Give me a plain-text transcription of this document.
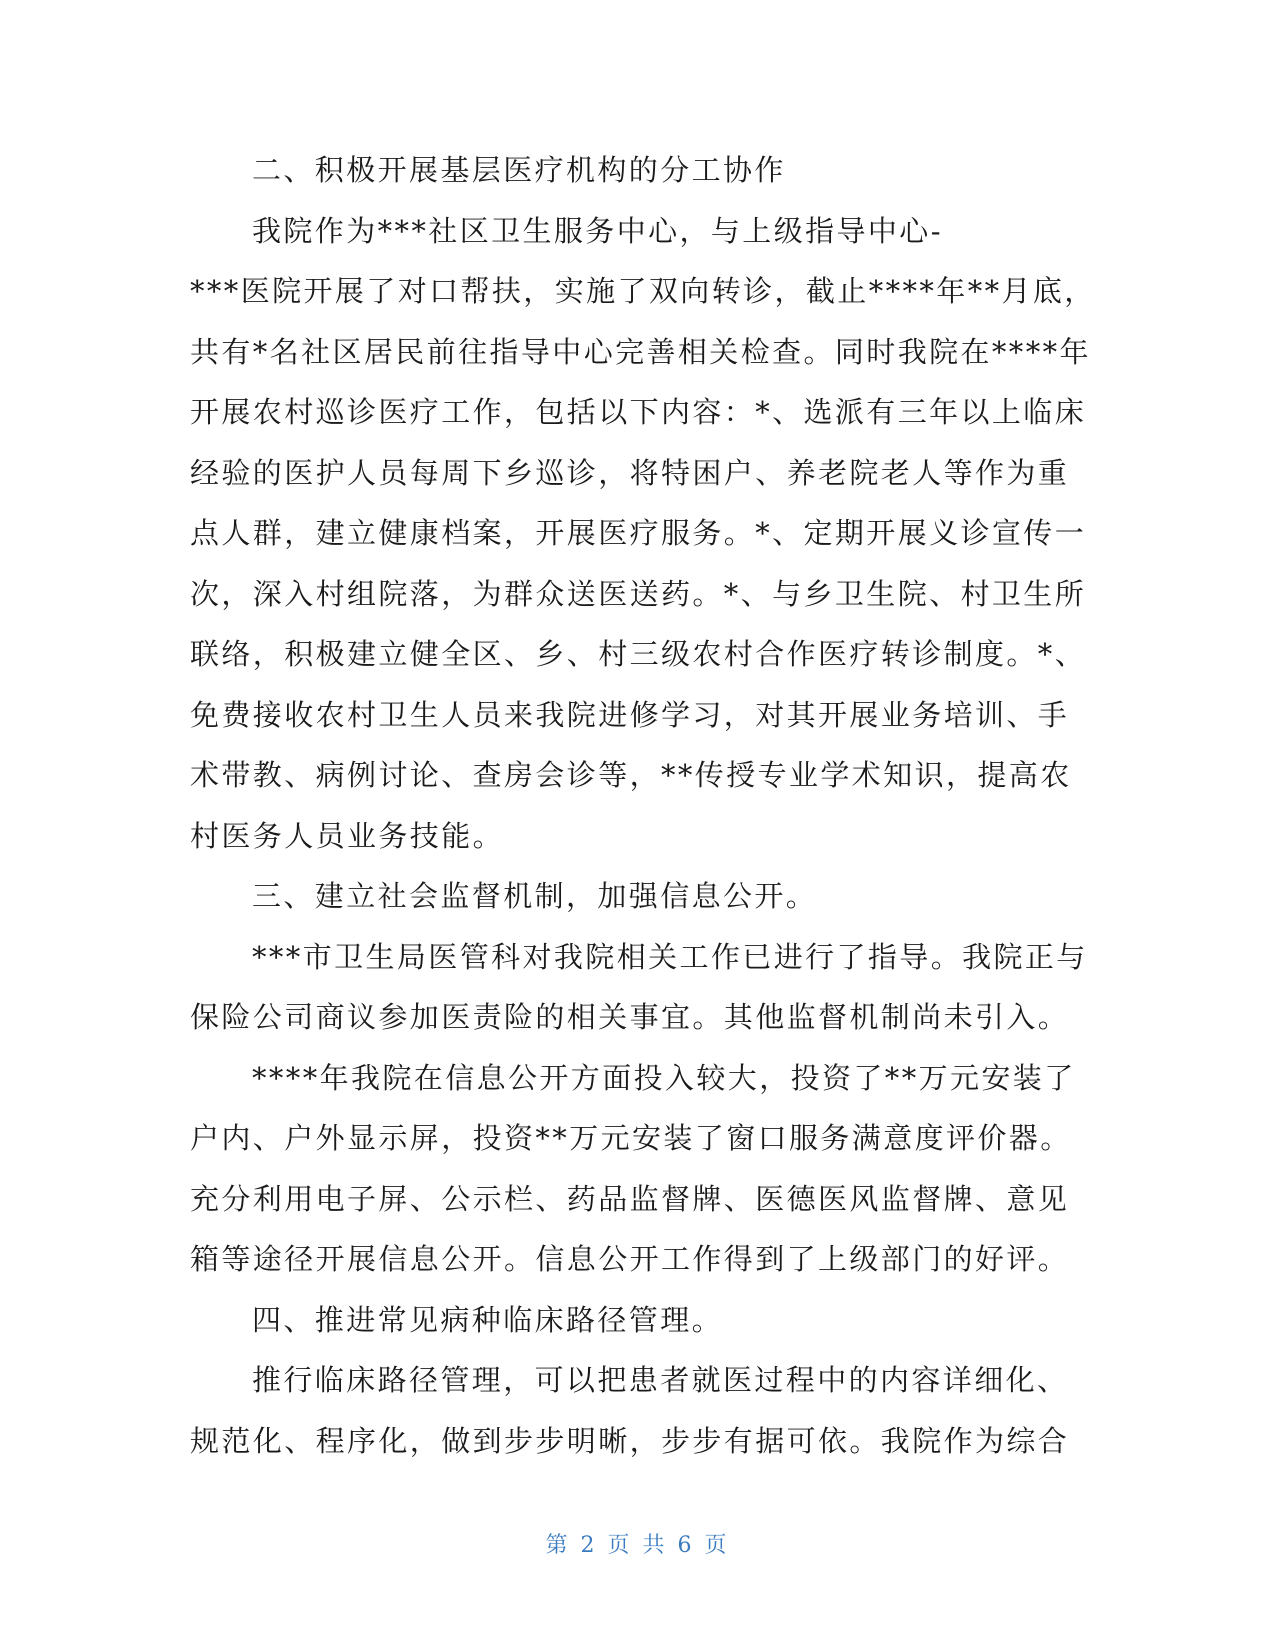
二、积极开展基层医疗机构的分工协作
我院作为***社区卫生服务中心，与上级指导中心-
***医院开展了对口帮扶，实施了双向转诊，截止****年**月底，
共有*名社区居民前往指导中心完善相关检查。同时我院在****年
开展农村巡诊医疗工作，包括以下内容：*、选派有三年以上临床
经验的医护人员每周下乡巡诊，将特困户、养老院老人等作为重
点人群，建立健康档案，开展医疗服务。*、定期开展义诊宣传一
次，深入村组院落，为群众送医送药。*、与乡卫生院、村卫生所
联络，积极建立健全区、乡、村三级农村合作医疗转诊制度。*、
免费接收农村卫生人员来我院进修学习，对其开展业务培训、手
术带教、病例讨论、查房会诊等，**传授专业学术知识，提高农
村医务人员业务技能。
三、建立社会监督机制，加强信息公开。
***市卫生局医管科对我院相关工作已进行了指导。我院正与
保险公司商议参加医责险的相关事宜。其他监督机制尚未引入。
****年我院在信息公开方面投入较大，投资了**万元安装了
户内、户外显示屏，投资**万元安装了窗口服务满意度评价器。
充分利用电子屏、公示栏、药品监督牌、医德医风监督牌、意见
箱等途径开展信息公开。信息公开工作得到了上级部门的好评。
四、推进常见病种临床路径管理。
推行临床路径管理，可以把患者就医过程中的内容详细化、
规范化、程序化，做到步步明晰，步步有据可依。我院作为综合
第 2 页 共 6 页
